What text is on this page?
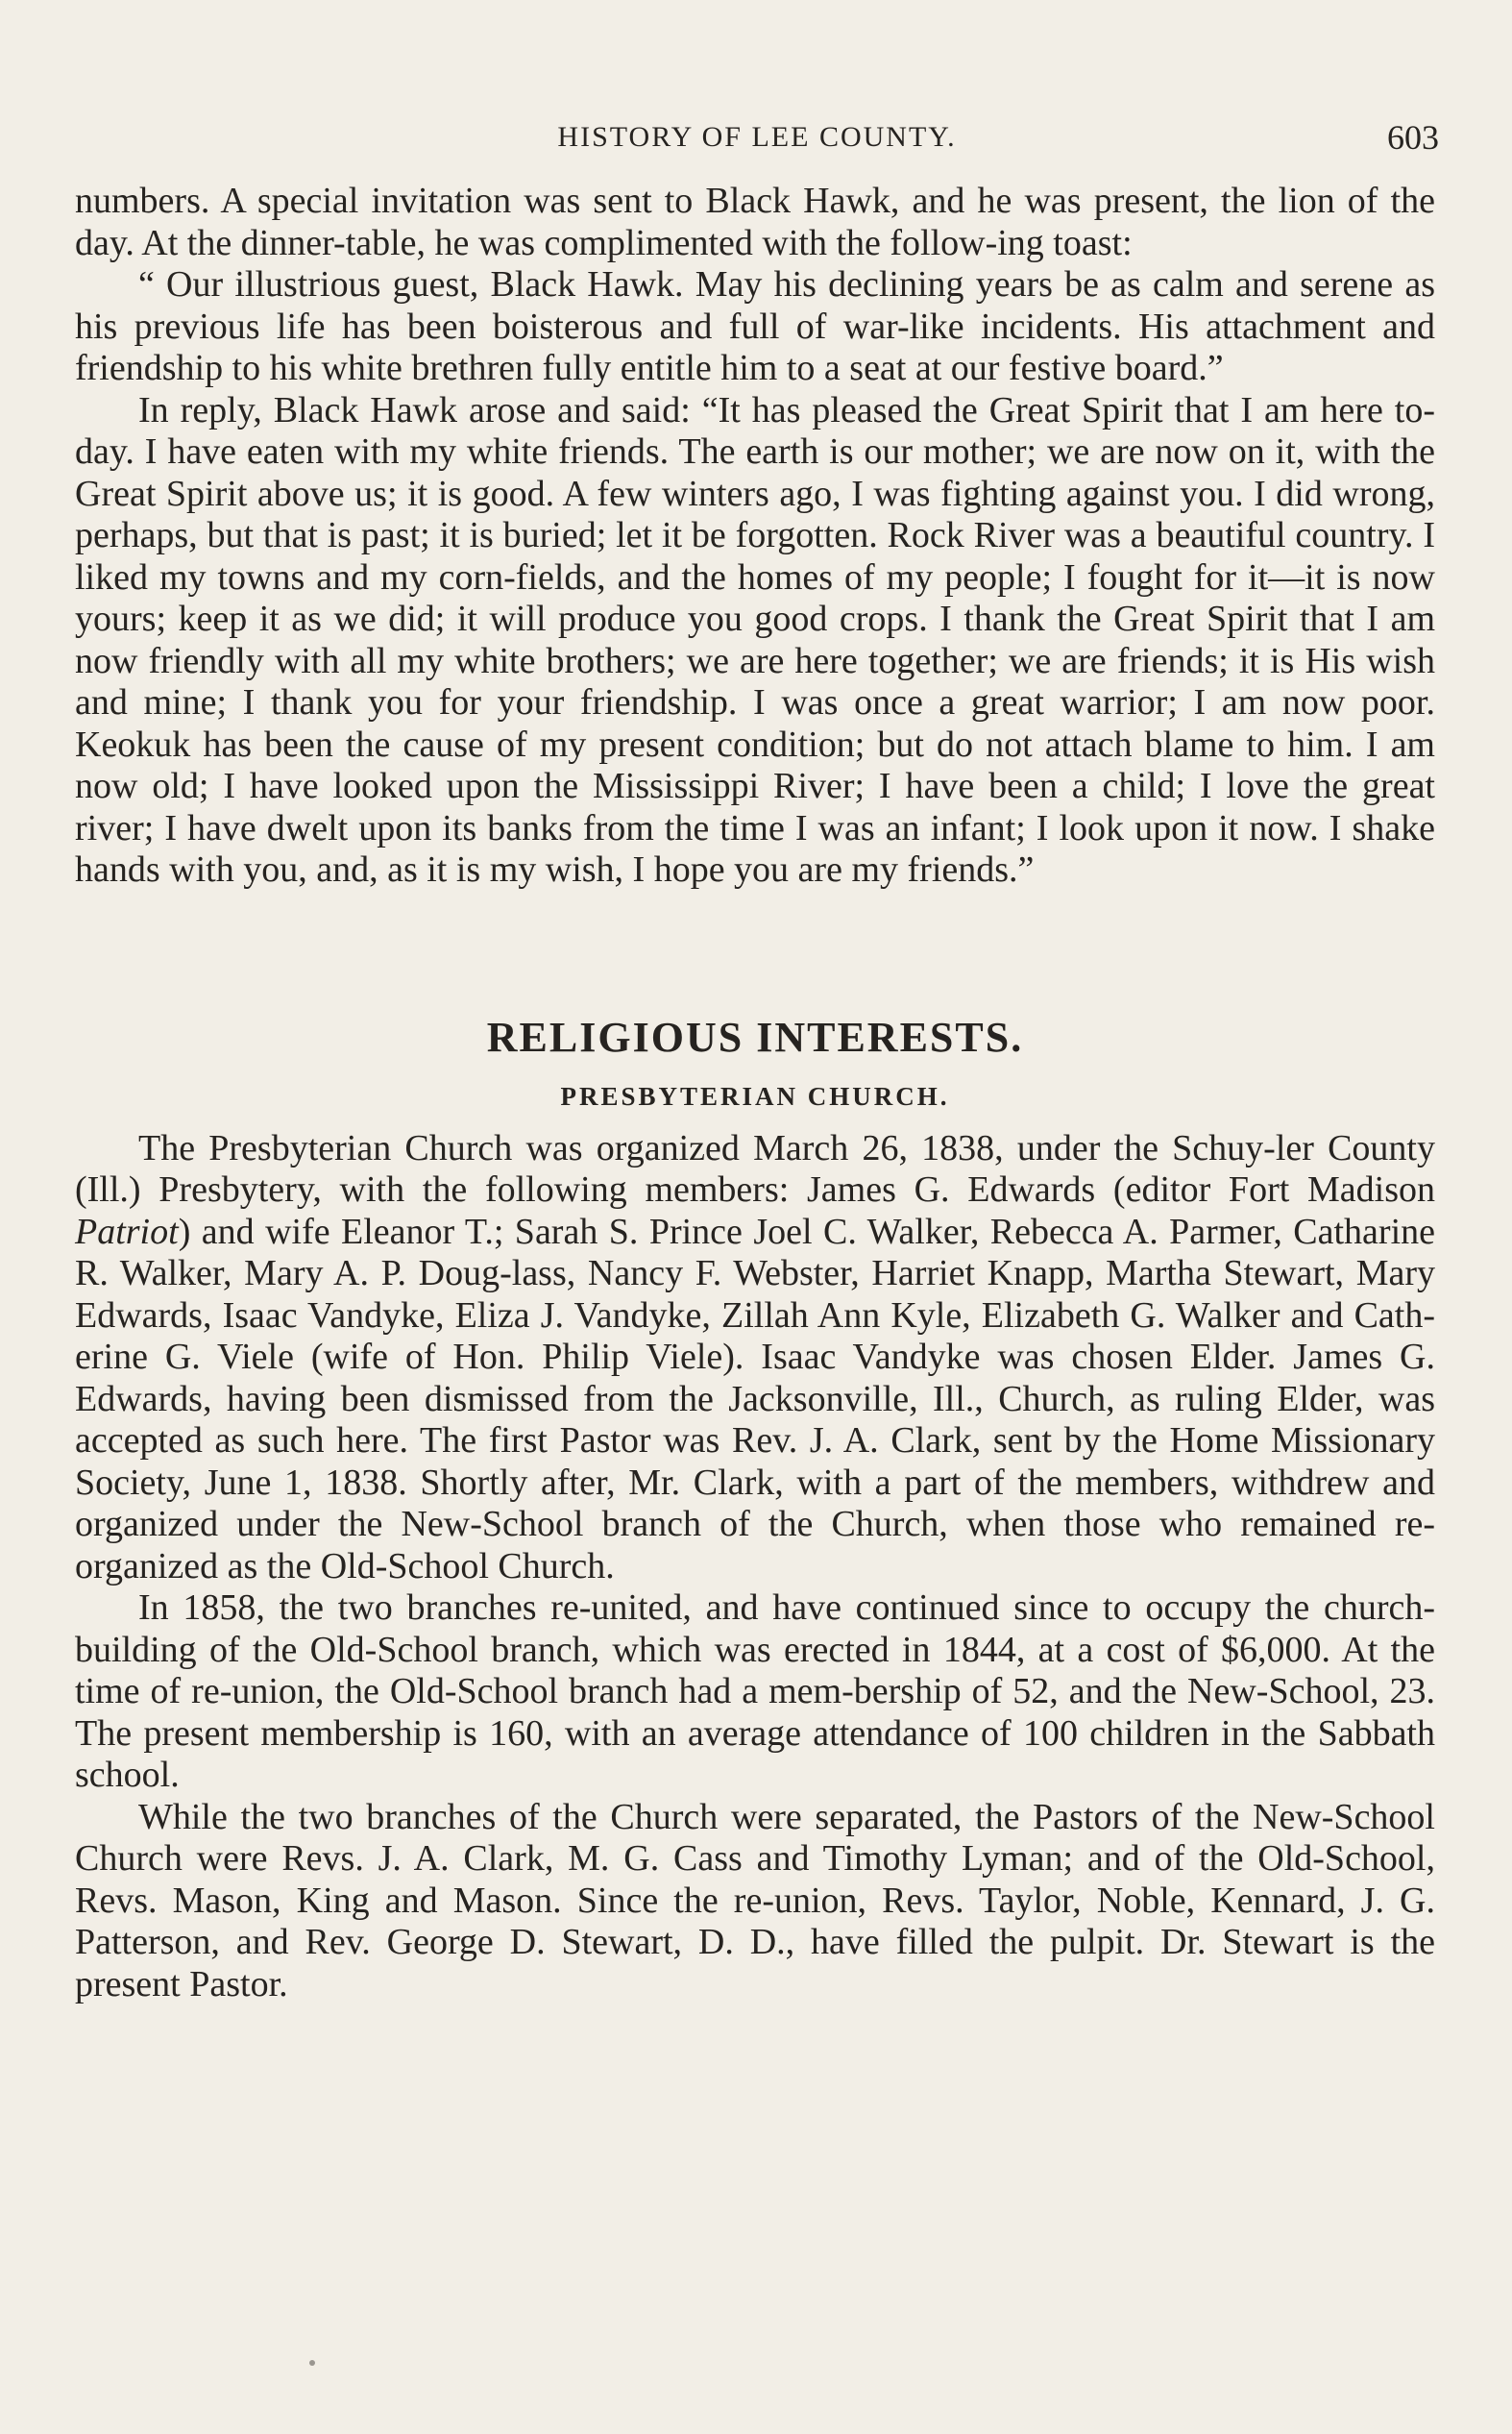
HISTORY OF LEE COUNTY.	603

numbers. A special invitation was sent to Black Hawk, and he was present, the lion of the day. At the dinner-table, he was complimented with the follow-ing toast:

“ Our illustrious guest, Black Hawk. May his declining years be as calm and serene as his previous life has been boisterous and full of war-like incidents. His attachment and friendship to his white brethren fully entitle him to a seat at our festive board.”

In reply, Black Hawk arose and said: “It has pleased the Great Spirit that I am here to-day. I have eaten with my white friends. The earth is our mother; we are now on it, with the Great Spirit above us; it is good. A few winters ago, I was fighting against you. I did wrong, perhaps, but that is past; it is buried; let it be forgotten. Rock River was a beautiful country. I liked my towns and my corn-fields, and the homes of my people; I fought for it—it is now yours; keep it as we did; it will produce you good crops. I thank the Great Spirit that I am now friendly with all my white brothers; we are here together; we are friends; it is His wish and mine; I thank you for your friendship. I was once a great warrior; I am now poor. Keokuk has been the cause of my present condition; but do not attach blame to him. I am now old; I have looked upon the Mississippi River; I have been a child; I love the great river; I have dwelt upon its banks from the time I was an infant; I look upon it now. I shake hands with you, and, as it is my wish, I hope you are my friends.”

RELIGIOUS INTERESTS.
PRESBYTERIAN CHURCH.

The Presbyterian Church was organized March 26, 1838, under the Schuy-ler County (Ill.) Presbytery, with the following members: James G. Edwards (editor Fort Madison Patriot) and wife Eleanor T.; Sarah S. Prince Joel C. Walker, Rebecca A. Parmer, Catharine R. Walker, Mary A. P. Doug-lass, Nancy F. Webster, Harriet Knapp, Martha Stewart, Mary Edwards, Isaac Vandyke, Eliza J. Vandyke, Zillah Ann Kyle, Elizabeth G. Walker and Cath-erine G. Viele (wife of Hon. Philip Viele). Isaac Vandyke was chosen Elder. James G. Edwards, having been dismissed from the Jacksonville, Ill., Church, as ruling Elder, was accepted as such here. The first Pastor was Rev. J. A. Clark, sent by the Home Missionary Society, June 1, 1838. Shortly after, Mr. Clark, with a part of the members, withdrew and organized under the New-School branch of the Church, when those who remained re-organized as the Old-School Church.

In 1858, the two branches re-united, and have continued since to occupy the church-building of the Old-School branch, which was erected in 1844, at a cost of $6,000. At the time of re-union, the Old-School branch had a mem-bership of 52, and the New-School, 23. The present membership is 160, with an average attendance of 100 children in the Sabbath school.

While the two branches of the Church were separated, the Pastors of the New-School Church were Revs. J. A. Clark, M. G. Cass and Timothy Lyman; and of the Old-School, Revs. Mason, King and Mason. Since the re-union, Revs. Taylor, Noble, Kennard, J. G. Patterson, and Rev. George D. Stewart, D. D., have filled the pulpit. Dr. Stewart is the present Pastor.
